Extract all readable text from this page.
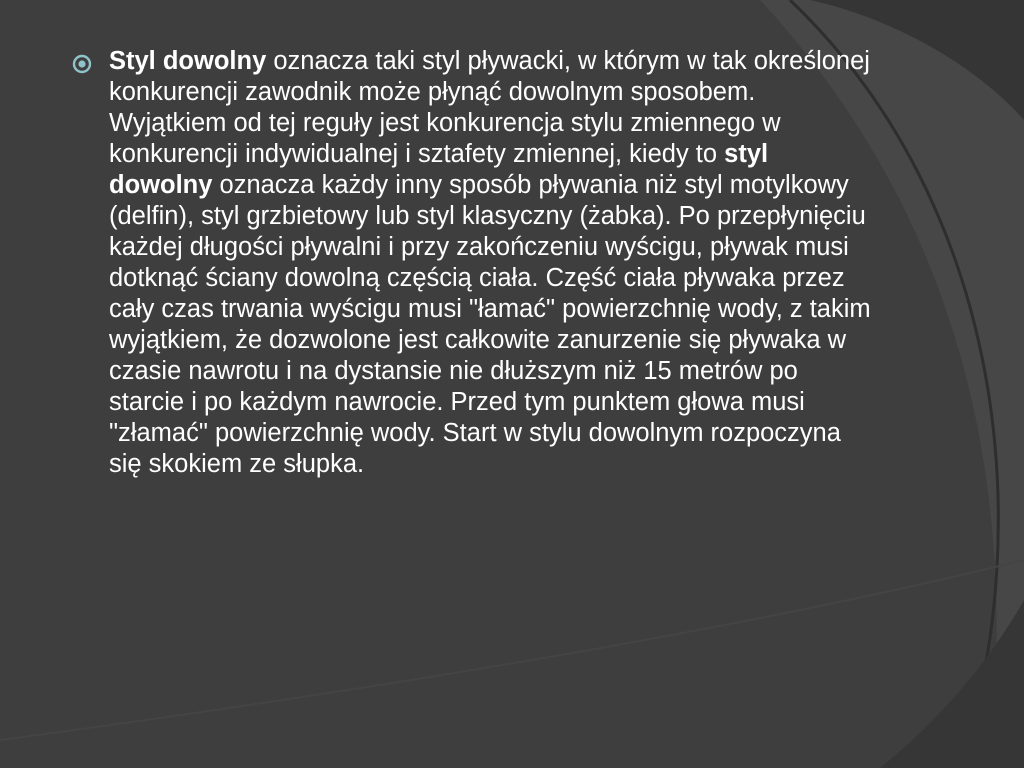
Styl dowolny oznacza taki styl pływacki, w którym w tak określonej konkurencji zawodnik może płynąć dowolnym sposobem. Wyjątkiem od tej reguły jest konkurencja stylu zmiennego w konkurencji indywidualnej i sztafety zmiennej, kiedy to styl dowolny oznacza każdy inny sposób pływania niż styl motylkowy (delfin), styl grzbietowy lub styl klasyczny (żabka). Po przepłynięciu każdej długości pływalni i przy zakończeniu wyścigu, pływak musi dotknąć ściany dowolną częścią ciała. Część ciała pływaka przez cały czas trwania wyścigu musi "łamać" powierzchnię wody, z takim wyjątkiem, że dozwolone jest całkowite zanurzenie się pływaka w czasie nawrotu i na dystansie nie dłuższym niż 15 metrów po starcie i po każdym nawrocie. Przed tym punktem głowa musi "złamać" powierzchnię wody. Start w stylu dowolnym rozpoczyna się skokiem ze słupka.
